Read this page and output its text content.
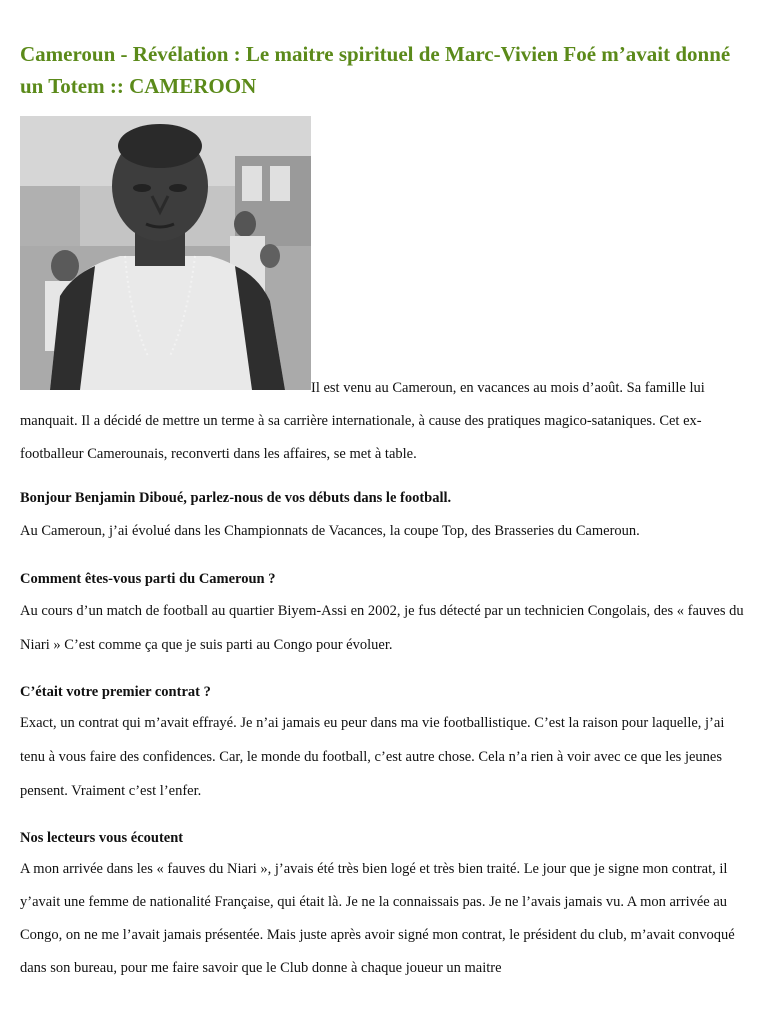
Cameroun - Révélation : Le maitre spirituel de Marc-Vivien Foé m’avait donné un Totem :: CAMEROON

Il est venu au Cameroun, en vacances au mois d’août. Sa famille lui manquait. Il a décidé de mettre un terme à sa carrière internationale, à cause des pratiques magico-sataniques. Cet ex-footballeur Camerounais, reconverti dans les affaires, se met à table.

Bonjour Benjamin Diboué, parlez-nous de vos débuts dans le football.

Au Cameroun, j’ai évolué dans les Championnats de Vacances, la coupe Top, des Brasseries du Cameroun.

Comment êtes-vous parti du Cameroun ?

Au cours d’un match de football au quartier Biyem-Assi en 2002, je fus détecté par un technicien Congolais, des « fauves du Niari » C’est comme ça que je suis parti au Congo pour évoluer.

C’était votre premier contrat ?

Exact, un contrat qui m’avait effrayé. Je n’ai jamais eu peur dans ma vie footballistique. C’est la raison pour laquelle, j’ai tenu à vous faire des confidences. Car, le monde du football, c’est autre chose. Cela n’a rien à voir avec ce que les jeunes pensent. Vraiment c’est l’enfer.

Nos lecteurs vous écoutent

A mon arrivée dans les « fauves du Niari », j’avais été très bien logé et très bien traité. Le jour que je signe mon contrat, il y’avait une femme de nationalité Française, qui était là. Je ne la connaissais pas. Je ne l’avais jamais vu. A mon arrivée au Congo, on ne me l’avait jamais présentée. Mais juste après avoir signé mon contrat, le président du club, m’avait convoqué dans son bureau, pour me faire savoir que le Club donne à chaque joueur un maitre
